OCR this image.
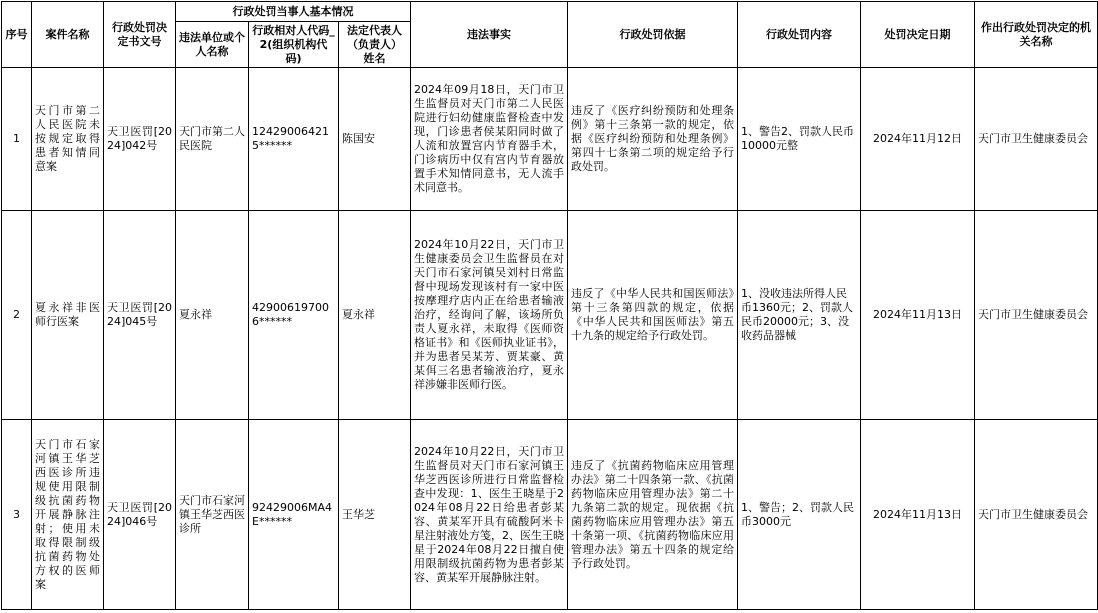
序号	案件名称	行政处罚决定书文号	行政处罚当事人基本情况			违法事实	行政处罚依据	行政处罚内容	处罚决定日期	作出行政处罚决定的机关名称
			违法单位或个人名称	行政相对人代码_2(组织机构代码)	法定代表人（负责人）姓名					
1	天门市第二人民医院未按规定取得患者知情同意案	天卫医罚[2024]042号	天门市第二人民医院	124290064215******	陈国安	2024年09月18日，天门市卫生监督员对天门市第二人民医院进行妇幼健康监督检查中发现，门诊患者侯某阳同时做了人流和放置宫内节育器手术，门诊病历中仅有宫内节育器放置手术知情同意书，无人流手术同意书。	违反了《医疗纠纷预防和处理条例》第十三条第一款的规定，依据《医疗纠纷预防和处理条例》第四十七条第二项的规定给予行政处罚。	1、警告2、罚款人民币10000元整	2024年11月12日	天门市卫生健康委员会
2	夏永祥非医师行医案	天卫医罚[2024]045号	夏永祥	429006197006******	夏永祥	2024年10月22日，天门市卫生健康委员会卫生监督员在对天门市石家河镇吴刘村日常监督中现场发现该村有一家中医按摩理疗店内正在给患者输液治疗，经询问了解，该场所负责人夏永祥，未取得《医师资格证书》和《医师执业证书》，并为患者吴某芳、贾某豪、黄某佴三名患者输液治疗，夏永祥涉嫌非医师行医。	违反了《中华人民共和国医师法》第十三条第四款的规定，依据《中华人民共和国医师法》第五十九条的规定给予行政处罚。	1、没收违法所得人民币1360元；2、罚款人民币20000元；3、没收药品器械	2024年11月13日	天门市卫生健康委员会
3	天门市石家河镇王华芝西医诊所违规使用限制级抗菌药物开展静脉注射；使用未取得限制级抗菌药物处方权的医师案	天卫医罚[2024]046号	天门市石家河镇王华芝西医诊所	92429006MA4E******	王华芝	2024年10月22日，天门市卫生监督员对天门市石家河镇王华芝西医诊所进行日常监督检查中发现：1、医生王晓星于2024年08月22日给患者彭某容、黄某军开具有硫酸阿米卡星注射液处方笺，2、医生王晓星于2024年08月22日擅自使用限制级抗菌药物为患者彭某容、黄某军开展静脉注射。	违反了《抗菌药物临床应用管理办法》第二十四条第一款、《抗菌药物临床应用管理办法》第二十九条第二款的规定。现依据《抗菌药物临床应用管理办法》第五十条第一项、《抗菌药物临床应用管理办法》第五十四条的规定给予行政处罚。	1、警告；2、罚款人民币3000元	2024年11月13日	天门市卫生健康委员会
